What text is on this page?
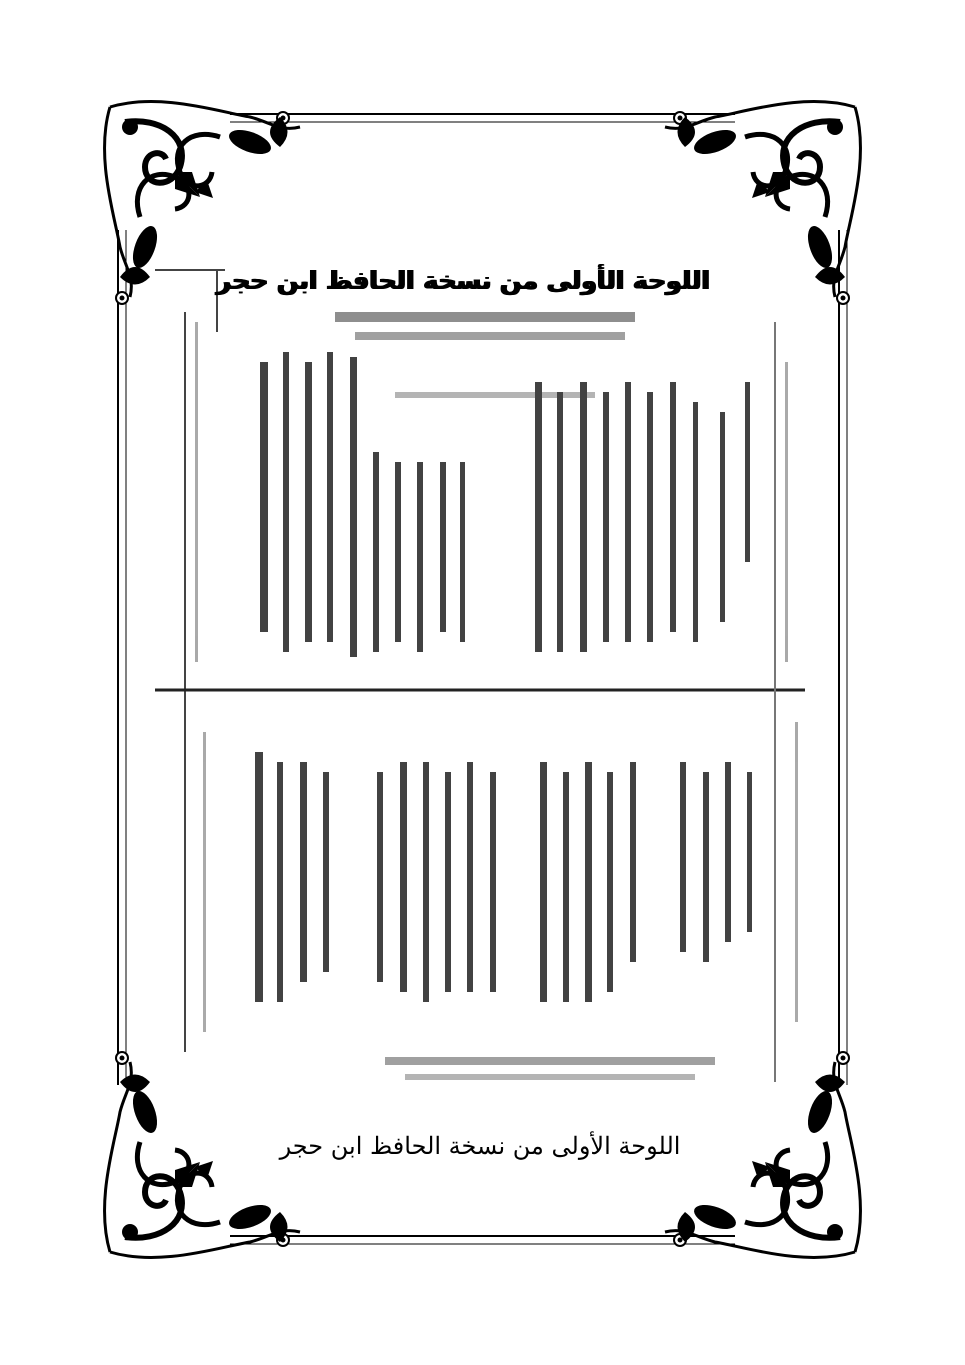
اللوحة الأولى من نسخة الحافظ ابن حجر
اللوحة الأولى من نسخة الحافظ ابن حجر
